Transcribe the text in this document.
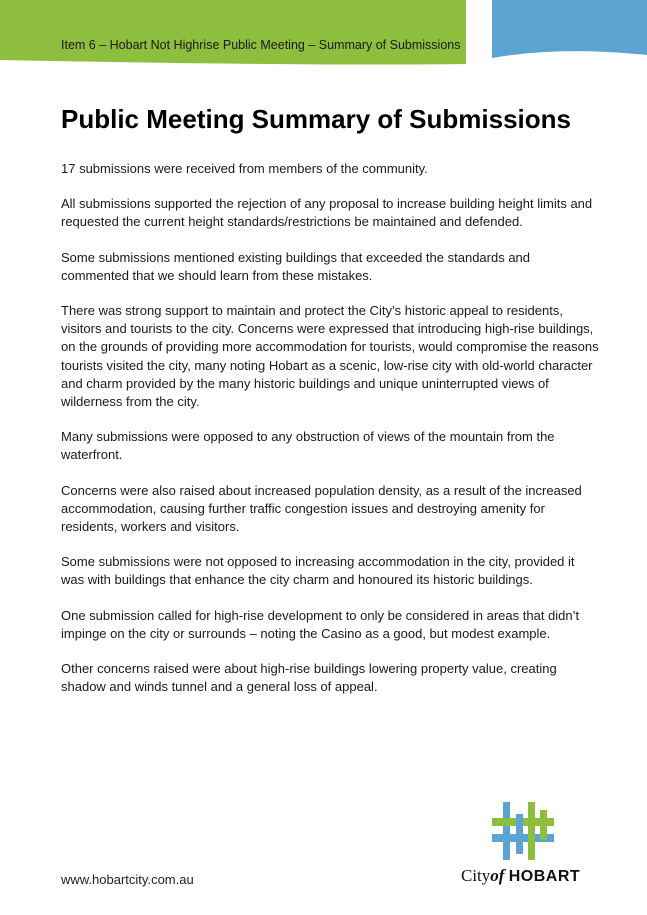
Item 6 – Hobart Not Highrise Public Meeting – Summary of Submissions
Public Meeting Summary of Submissions

17 submissions were received from members of the community.

All submissions supported the rejection of any proposal to increase building height limits and requested the current height standards/restrictions be maintained and defended.

Some submissions mentioned existing buildings that exceeded the standards and commented that we should learn from these mistakes.

There was strong support to maintain and protect the City’s historic appeal to residents, visitors and tourists to the city. Concerns were expressed that introducing high-rise buildings, on the grounds of providing more accommodation for tourists, would compromise the reasons tourists visited the city, many noting Hobart as a scenic, low-rise city with old-world character and charm provided by the many historic buildings and unique uninterrupted views of wilderness from the city.

Many submissions were opposed to any obstruction of views of the mountain from the waterfront.

Concerns were also raised about increased population density, as a result of the increased accommodation, causing further traffic congestion issues and destroying amenity for residents, workers and visitors.

Some submissions were not opposed to increasing accommodation in the city, provided it was with buildings that enhance the city charm and honoured its historic buildings.

One submission called for high-rise development to only be considered in areas that didn’t impinge on the city or surrounds – noting the Casino as a good, but modest example.

Other concerns raised were about high-rise buildings lowering property value, creating shadow and winds tunnel and a general loss of appeal.

www.hobartcity.com.au	Cityof HOBART
